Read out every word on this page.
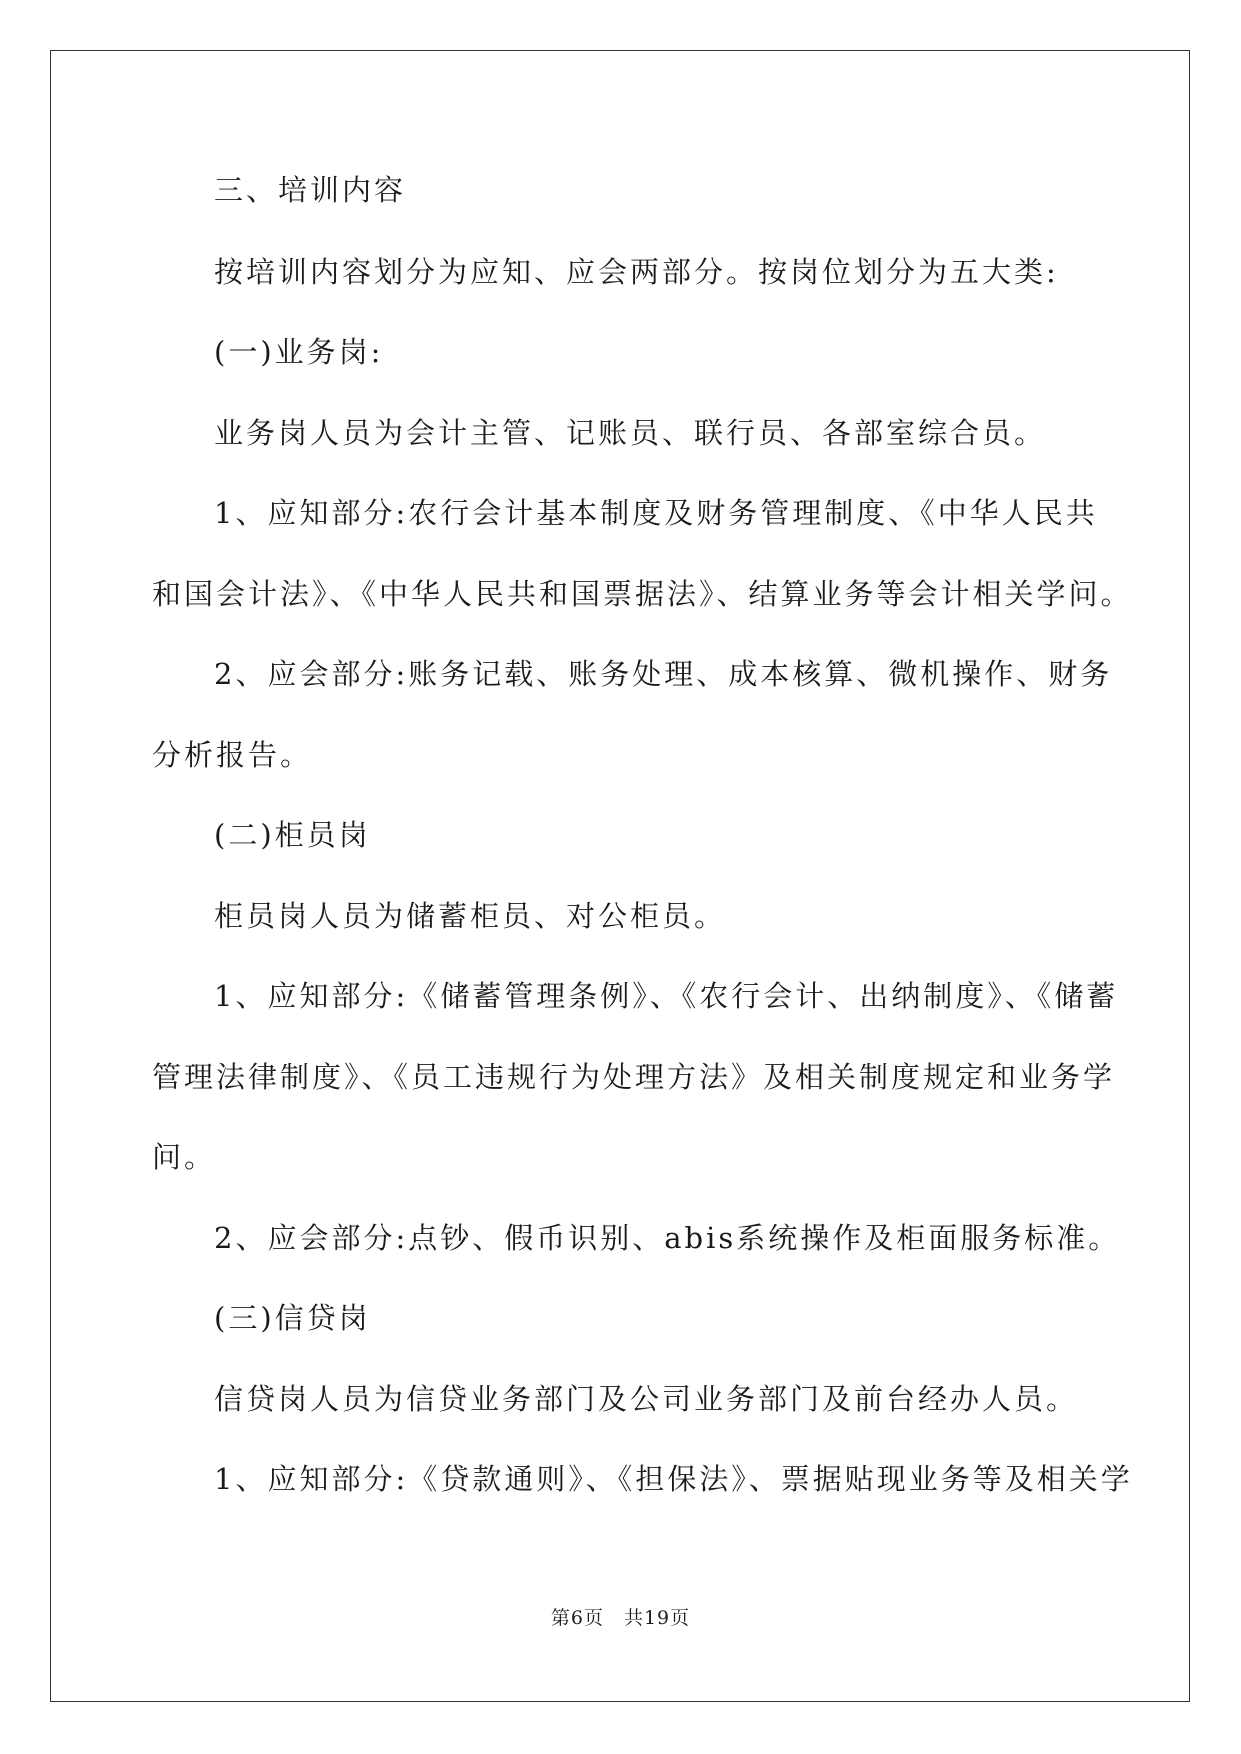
三、培训内容
按培训内容划分为应知、应会两部分。按岗位划分为五大类:
(一)业务岗:
业务岗人员为会计主管、记账员、联行员、各部室综合员。
1、应知部分:农行会计基本制度及财务管理制度、《中华人民共
和国会计法》、《中华人民共和国票据法》、结算业务等会计相关学问。
2、应会部分:账务记载、账务处理、成本核算、微机操作、财务
分析报告。
(二)柜员岗
柜员岗人员为储蓄柜员、对公柜员。
1、应知部分:《储蓄管理条例》、《农行会计、出纳制度》、《储蓄
管理法律制度》、《员工违规行为处理方法》及相关制度规定和业务学
问。
2、应会部分:点钞、假币识别、abis系统操作及柜面服务标准。
(三)信贷岗
信贷岗人员为信贷业务部门及公司业务部门及前台经办人员。
1、应知部分:《贷款通则》、《担保法》、票据贴现业务等及相关学
第6页 共19页
